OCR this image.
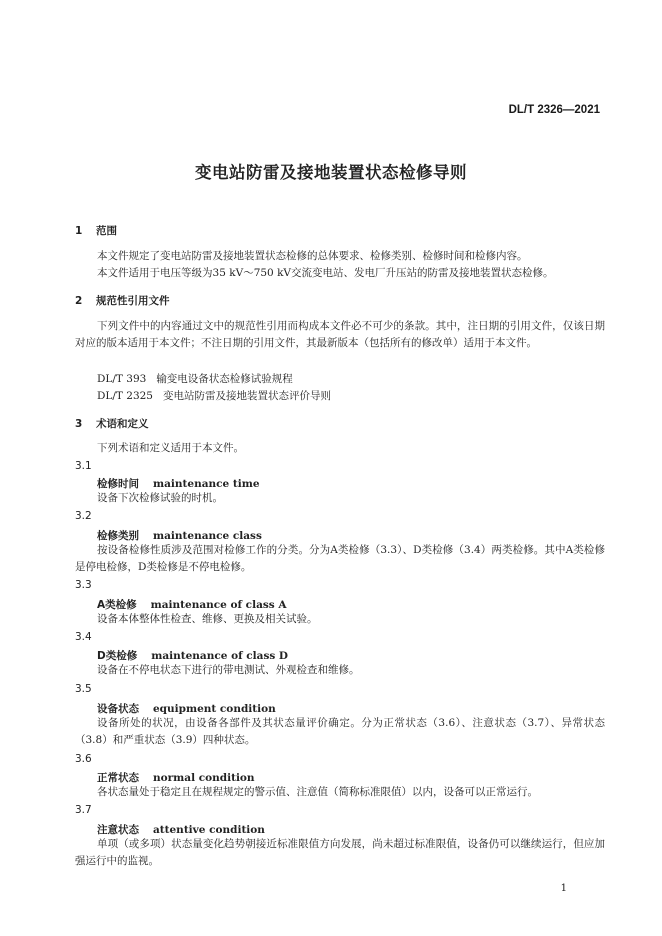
DL/T 2326—2021

变电站防雷及接地装置状态检修导则

1 范围

本文件规定了变电站防雷及接地装置状态检修的总体要求、检修类别、检修时间和检修内容。

本文件适用于电压等级为35 kV～750 kV交流变电站、发电厂升压站的防雷及接地装置状态检修。

2 规范性引用文件

下列文件中的内容通过文中的规范性引用而构成本文件必不可少的条款。其中，注日期的引用文件，仅该日期对应的版本适用于本文件；不注日期的引用文件，其最新版本（包括所有的修改单）适用于本文件。

DL/T 393 输变电设备状态检修试验规程

DL/T 2325 变电站防雷及接地装置状态评价导则

3 术语和定义

下列术语和定义适用于本文件。

3.1

检修时间 maintenance time

设备下次检修试验的时机。

3.2

检修类别 maintenance class

按设备检修性质涉及范围对检修工作的分类。分为A类检修（3.3）、D类检修（3.4）两类检修。其中A类检修是停电检修，D类检修是不停电检修。

3.3

A类检修 maintenance of class A

设备本体整体性检查、维修、更换及相关试验。

3.4

D类检修 maintenance of class D

设备在不停电状态下进行的带电测试、外观检查和维修。

3.5

设备状态 equipment condition

设备所处的状况，由设备各部件及其状态量评价确定。分为正常状态（3.6）、注意状态（3.7）、异常状态（3.8）和严重状态（3.9）四种状态。

3.6

正常状态 normal condition

各状态量处于稳定且在规程规定的警示值、注意值（简称标准限值）以内，设备可以正常运行。

3.7

注意状态 attentive condition

单项（或多项）状态量变化趋势朝接近标准限值方向发展，尚未超过标准限值，设备仍可以继续运行，但应加强运行中的监视。

1
